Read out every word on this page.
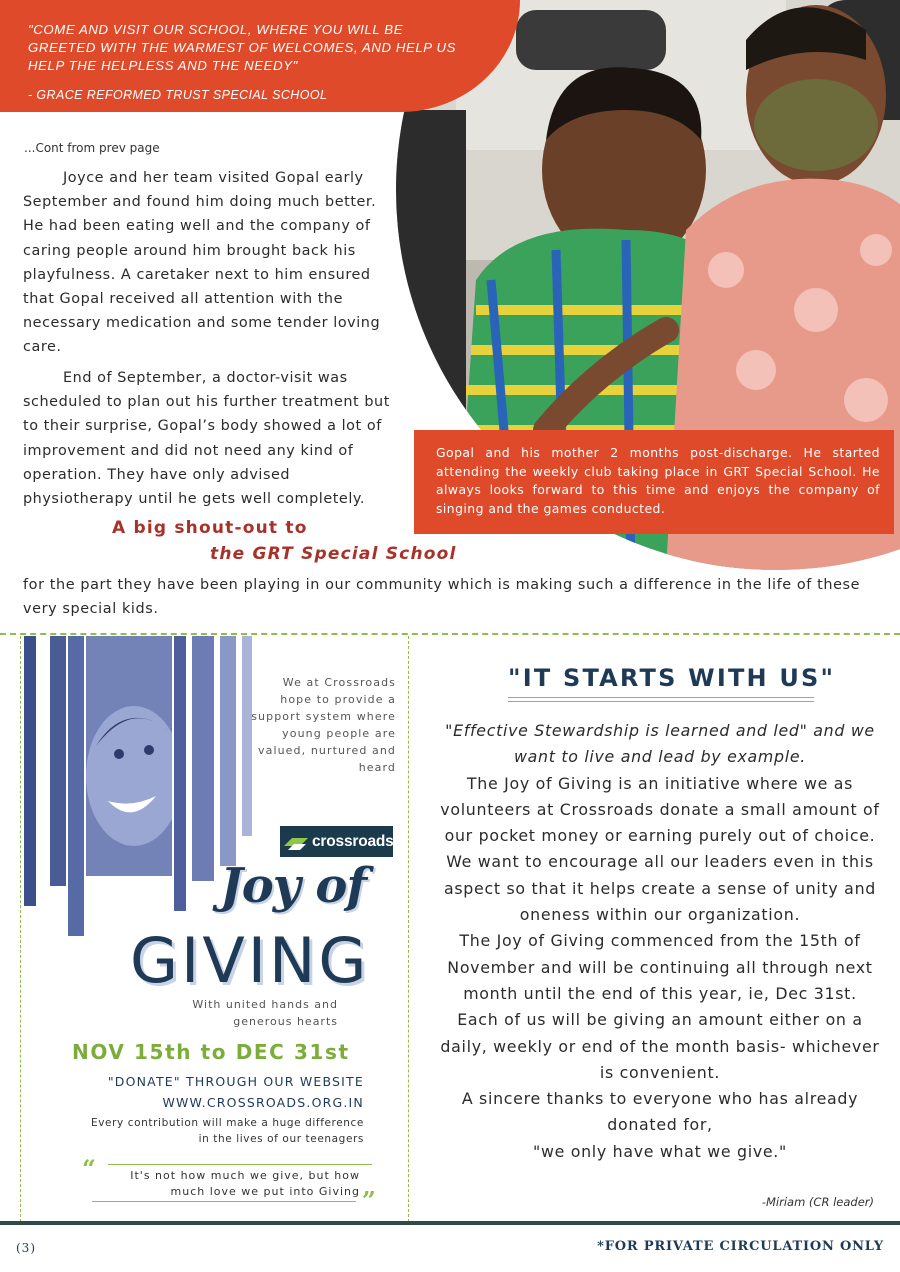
"COME AND VISIT OUR SCHOOL, WHERE YOU WILL BE GREETED WITH THE WARMEST OF WELCOMES, AND HELP US HELP THE HELPLESS AND THE NEEDY"
- GRACE REFORMED TRUST SPECIAL SCHOOL
Gopal and his mother 2 months post-discharge. He started attending the weekly club taking place in GRT Special School. He always looks forward to this time and enjoys the company of singing and the games conducted.
...Cont from prev page
Joyce and her team visited Gopal early September and found him doing much better. He had been eating well and the company of caring people around him brought back his playfulness. A caretaker next to him ensured that Gopal received all attention with the necessary medication and some tender loving care.
End of September, a doctor-visit was scheduled to plan out his further treatment but to their surprise, Gopal’s body showed a lot of improvement and did not need any kind of operation. They have only advised physiotherapy until he gets well completely.
A big shout-out to
the GRT Special School
for the part they have been playing in our community which is making such a difference in the life of these very special kids.
We at Crossroads hope to provide a support system where young people are valued, nurtured and heard
crossroads
Joy of
GIVING
With united hands and generous hearts
NOV 15th to DEC 31st
"DONATE" THROUGH OUR WEBSITE
WWW.CROSSROADS.ORG.IN
Every contribution will make a huge difference in the lives of our teenagers
“	It's not how much we give, but how much love we put into Giving ”
"IT STARTS WITH US"
"Effective Stewardship is learned and led" and we want to live and lead by example.
The Joy of Giving is an initiative where we as volunteers at Crossroads donate a small amount of our pocket money or earning purely out of choice. We want to encourage all our leaders even in this aspect so that it helps create a sense of unity and oneness within our organization.
The Joy of Giving commenced from the 15th of November and will be continuing all through next month until the end of this year, ie, Dec 31st. Each of us will be giving an amount either on a daily, weekly or end of the month basis- whichever is convenient.
A sincere thanks to everyone who has already donated for,
"we only have what we give."
-Miriam (CR leader)
(3)	*FOR PRIVATE CIRCULATION ONLY
